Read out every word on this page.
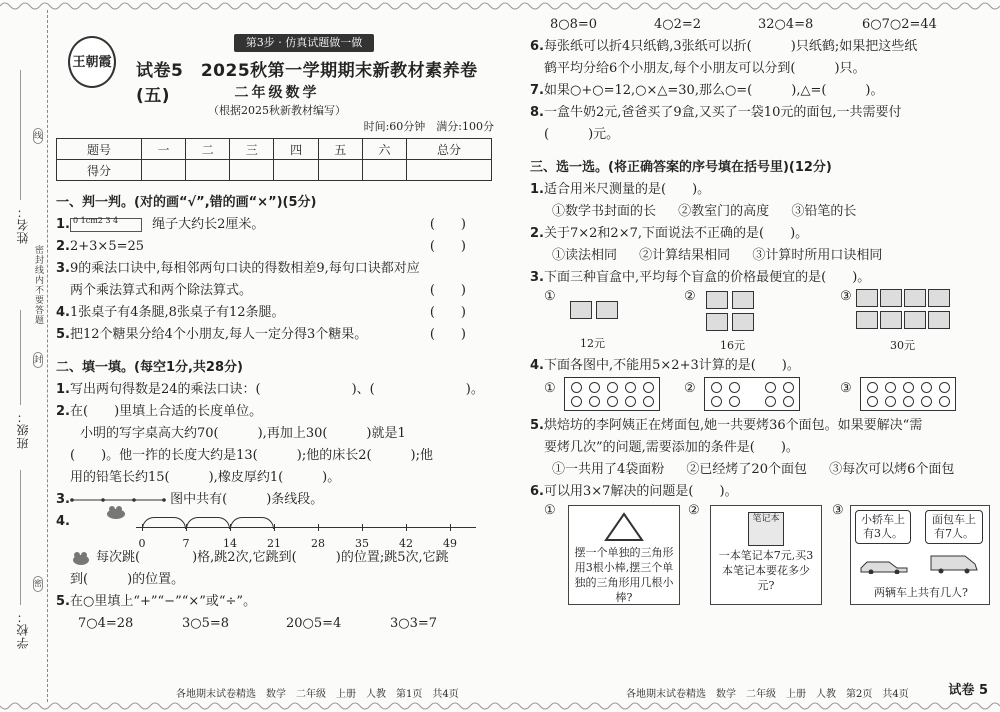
姓名：
班级：
学校：
线
封
密
密封线内不要答题
王朝霞
第3步 · 仿真试题做一做
试卷5　2025秋第一学期期末新教材素养卷(五)	二年级数学
（根据2025秋新教材编写）
时间:60分钟　满分:100分
题号	一	二	三	四	五	六	总分
得分							
一、判一判。(对的画“√”,错的画“×”)(5分)
1. 0 1cm2 3 4	绳子大约长2厘米。	()
2. 2+3×5=25	()
3. 9的乘法口诀中,每相邻两句口诀的得数相差9,每句口诀都对应
两个乘法算式和两个除法算式。	()
4. 1张桌子有4条腿,8张桌子有12条腿。	()
5. 把12个糖果分给4个小朋友,每人一定分得3个糖果。	()
二、填一填。(每空1分,共28分)
1. 写出两句得数是24的乘法口诀：(　　　　　　　)、(　　　　　　　)。
2. 在(　　)里填上合适的长度单位。
小明的写字桌高大约70(　　　),再加上30(　　　)就是1
(　　)。他一拃的长度大约是13(　　　);他的床长2(　　　);他
用的铅笔长约15(　　　),橡皮厚约1(　　　)。
3.	图中共有(　　　)条线段。
4.
0	7	14	21	28	35	42	49
每次跳(　　　　)格,跳2次,它跳到(　　　)的位置;跳5次,它跳
到(　　　)的位置。
5. 在○里填上“+”“−”“×”或“÷”。
7○4=28	3○5=8	20○5=4	3○3=7
各地期末试卷精选　数学　二年级　上册　人教　第1页　共4页
8○8=0	4○2=2	32○4=8	6○7○2=44
6. 每张纸可以折4只纸鹤,3张纸可以折(　　　)只纸鹤;如果把这些纸
鹤平均分给6个小朋友,每个小朋友可以分到(　　　)只。
7. 如果○+○=12,○×△=30,那么○=(　　　),△=(　　　)。
8. 一盒牛奶2元,爸爸买了9盒,又买了一袋10元的面包,一共需要付
(　　　)元。
三、选一选。(将正确答案的序号填在括号里)(12分)
1. 适合用米尺测量的是(　　)。
①数学书封面的长 ②教室门的高度 ③铅笔的长
2. 关于7×2和2×7,下面说法不正确的是(　　)。
①读法相同 ②计算结果相同 ③计算时所用口诀相同
3. 下面三种盲盒中,平均每个盲盒的价格最便宜的是(　　)。
①
12元
②
16元
③
30元
4. 下面各图中,不能用5×2+3计算的是(　　)。
①	②	③
5. 烘焙坊的李阿姨正在烤面包,她一共要烤36个面包。如果要解决“需
要烤几次”的问题,需要添加的条件是(　　)。
①一共用了4袋面粉 ②已经烤了20个面包 ③每次可以烤6个面包
6. 可以用3×7解决的问题是(　　)。
①
摆一个单独的三角形用3根小棒,摆三个单独的三角形用几根小棒?
②
笔记本
一本笔记本7元,买3本笔记本要花多少元?
③
小轿车上有3人。
面包车上有7人。
两辆车上共有几人?
各地期末试卷精选　数学　二年级　上册　人教　第2页　共4页	试卷 5
